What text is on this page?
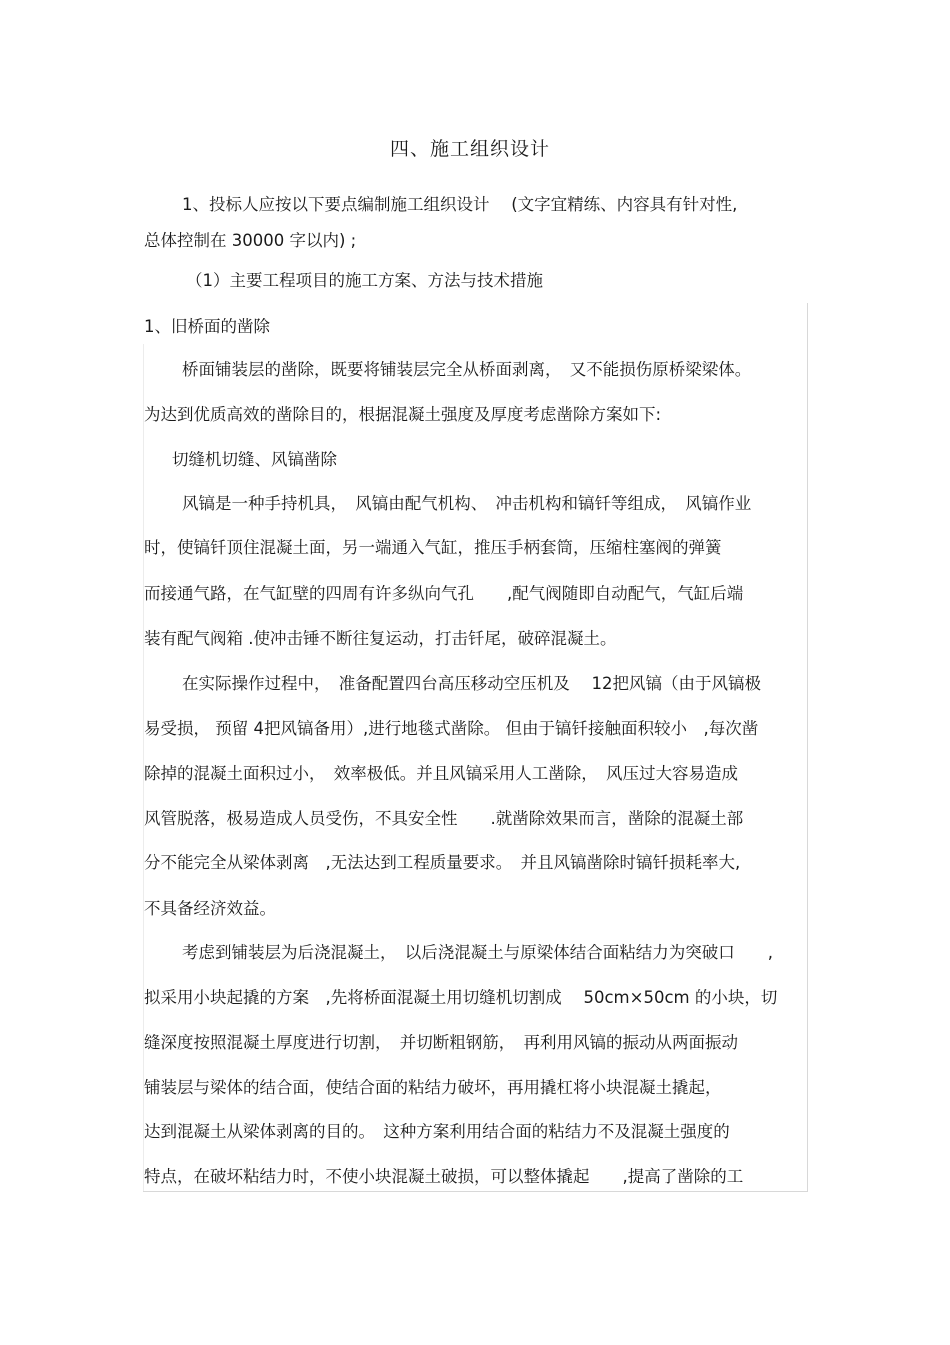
四、施工组织设计
1、投标人应按以下要点编制施工组织设计　 (文字宜精练、内容具有针对性,
总体控制在 30000 字以内) ;
（1）主要工程项目的施工方案、方法与技术措施
1、旧桥面的凿除
桥面铺装层的凿除，既要将铺装层完全从桥面剥离，　又不能损伤原桥梁梁体。
为达到优质高效的凿除目的，根据混凝土强度及厚度考虑凿除方案如下:
切缝机切缝、风镐凿除
风镐是一种手持机具，　风镐由配气机构、　冲击机构和镐钎等组成，　风镐作业
时，使镐钎顶住混凝土面，另一端通入气缸，推压手柄套筒，压缩柱塞阀的弹簧
而接通气路，在气缸壁的四周有许多纵向气孔　　,配气阀随即自动配气，气缸后端
装有配气阀箱 .使冲击锤不断往复运动，打击钎尾，破碎混凝土。
在实际操作过程中，　准备配置四台高压移动空压机及　 12把风镐（由于风镐极
易受损， 预留 4把风镐备用）,进行地毯式凿除。 但由于镐钎接触面积较小　,每次凿
除掉的混凝土面积过小，　效率极低。并且风镐采用人工凿除，　风压过大容易造成
风管脱落，极易造成人员受伤，不具安全性　　.就凿除效果而言，凿除的混凝土部
分不能完全从梁体剥离　,无法达到工程质量要求。　并且风镐凿除时镐钎损耗率大,
不具备经济效益。
考虑到铺装层为后浇混凝土，　以后浇混凝土与原梁体结合面粘结力为突破口　　,
拟采用小块起撬的方案　,先将桥面混凝土用切缝机切割成　 50cm×50cm 的小块，切
缝深度按照混凝土厚度进行切割，　并切断粗钢筋，　再利用风镐的振动从两面振动
铺装层与梁体的结合面，使结合面的粘结力破坏，再用撬杠将小块混凝土撬起，
达到混凝土从梁体剥离的目的。　这种方案利用结合面的粘结力不及混凝土强度的
特点，在破坏粘结力时，不使小块混凝土破损，可以整体撬起　　,提高了凿除的工
